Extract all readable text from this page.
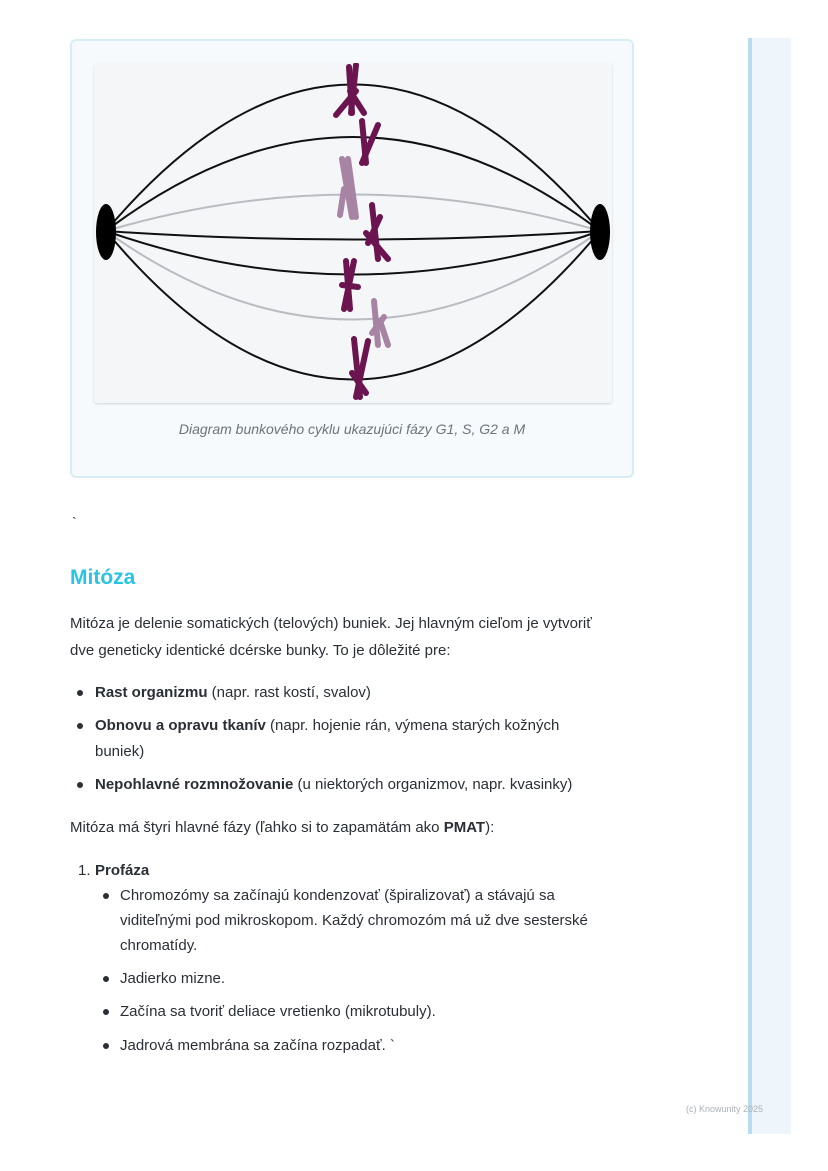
(c) Knowunity 2025
Diagram bunkového cyklu ukazujúci fázy G1, S, G2 a M
`
Mitóza

Mitóza je delenie somatických (telových) buniek. Jej hlavným cieľom je vytvoriť

dve geneticky identické dcérske bunky. To je dôležité pre:

Rast organizmu (napr. rast kostí, svalov)
Obnovu a opravu tkanív (napr. hojenie rán, výmena starých kožných
buniek)
Nepohlavné rozmnožovanie (u niektorých organizmov, napr. kvasinky)

Mitóza má štyri hlavné fázy (ľahko si to zapamätám ako PMAT):

1. Profáza
Chromozómy sa začínajú kondenzovať (špiralizovať) a stávajú sa
viditeľnými pod mikroskopom. Každý chromozóm má už dve sesterské
chromatídy.
Jadierko mizne.
Začína sa tvoriť deliace vretienko (mikrotubuly).
Jadrová membrána sa začína rozpadať. `
